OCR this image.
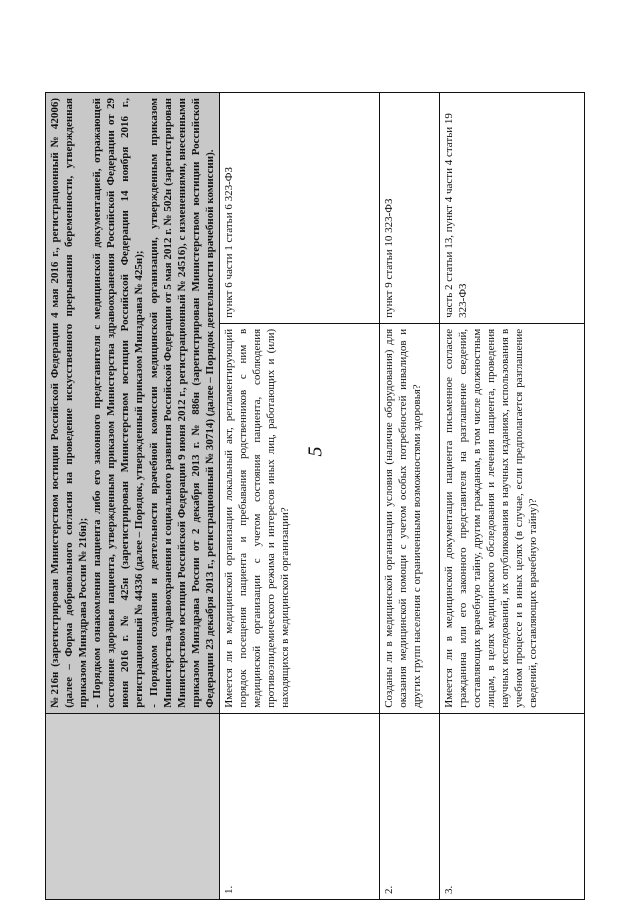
5

	№216н (зарегистрирован Министерством юстиции Российской Федерации 4 мая 2016 г., регистрационный № 42006) (далее – Форма добровольного согласия на проведение искусственного прерывания беременности, утвержденная приказом Минздрава России № 216н); - Порядком ознакомления пациента либо его законного представителя с медицинской документацией, отражающей состояние здоровья пациента, утвержденным приказом Министерства здравоохранения Российской Федерации от 29 июня 2016 г. № 425н (зарегистрирован Министерством юстиции Российской Федерации 14 ноября 2016 г., регистрационный № 44336 (далее – Порядок, утвержденный приказом Минздрава № 425н); - Порядком создания и деятельности врачебной комиссии медицинской организации, утвержденным приказом Министерства здравоохранения и социального развития Российской Федерации от 5 мая 2012 г. № 502н (зарегистрирован Министерством юстиции Российской Федерации 9 июня 2012 г., регистрационный № 24516), с изменениями, внесенными приказом Минздрава России от 2 декабря 2013 г. № 886н (зарегистрирован Министерством юстиции Российской Федерации 23 декабря 2013 г., регистрационный № 30714) (далее – Порядок деятельности врачебной комиссии).	

1.	Имеется ли в медицинской организации локальный акт, регламентирующий порядок посещения пациента и пребывания родственников с ним в медицинской организации с учетом состояния пациента, соблюдения противоэпидемического режима и интересов иных лиц, работающих и (или) находящихся в медицинской организации?	пункт 6 части 1 статьи 6 323-ФЗ
2.	Созданы ли в медицинской организации условия (наличие оборудования) для оказания медицинской помощи с учетом особых потребностей инвалидов и других групп населения с ограниченными возможностями здоровья?	пункт 9 статьи 10 323-ФЗ
3.	Имеется ли в медицинской документации пациента письменное согласие гражданина или его законного представителя на разглашение сведений, составляющих врачебную тайну, другим гражданам, в том числе должностным лицам, в целях медицинского обследования и лечения пациента, проведения научных исследований, их опубликования в научных изданиях, использования в учебном процессе и в иных целях (в случае, если предполагается разглашение сведений, составляющих врачебную тайну)?	часть 2 статьи 13, пункт 4 части 4 статьи 19 323-ФЗ
